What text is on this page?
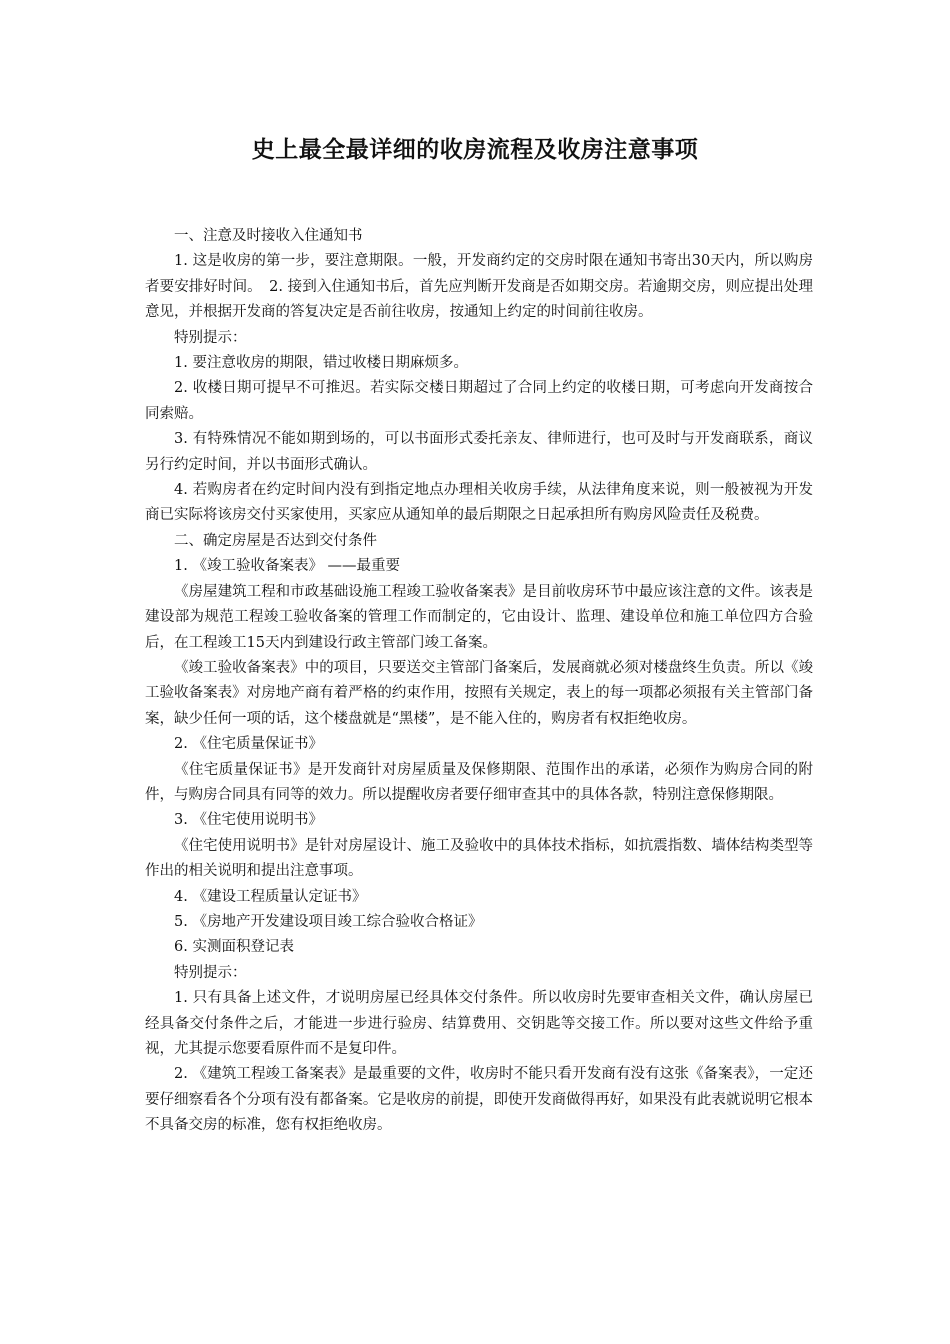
史上最全最详细的收房流程及收房注意事项

一、注意及时接收入住通知书

1. 这是收房的第一步，要注意期限。一般，开发商约定的交房时限在通知书寄出30天内，所以购房者要安排好时间。　2. 接到入住通知书后，首先应判断开发商是否如期交房。若逾期交房，则应提出处理意见，并根据开发商的答复决定是否前往收房，按通知上约定的时间前往收房。

特别提示：

1. 要注意收房的期限，错过收楼日期麻烦多。

2. 收楼日期可提早不可推迟。若实际交楼日期超过了合同上约定的收楼日期，可考虑向开发商按合同索赔。

3. 有特殊情况不能如期到场的，可以书面形式委托亲友、律师进行，也可及时与开发商联系，商议另行约定时间，并以书面形式确认。

4. 若购房者在约定时间内没有到指定地点办理相关收房手续，从法律角度来说，则一般被视为开发商已实际将该房交付买家使用，买家应从通知单的最后期限之日起承担所有购房风险责任及税费。

二、确定房屋是否达到交付条件

1. 《竣工验收备案表》 ——最重要

《房屋建筑工程和市政基础设施工程竣工验收备案表》是目前收房环节中最应该注意的文件。该表是建设部为规范工程竣工验收备案的管理工作而制定的，它由设计、监理、建设单位和施工单位四方合验后，在工程竣工15天内到建设行政主管部门竣工备案。

《竣工验收备案表》中的项目，只要送交主管部门备案后，发展商就必须对楼盘终生负责。所以《竣工验收备案表》对房地产商有着严格的约束作用，按照有关规定，表上的每一项都必须报有关主管部门备案，缺少任何一项的话，这个楼盘就是“黑楼”，是不能入住的，购房者有权拒绝收房。

2. 《住宅质量保证书》

《住宅质量保证书》是开发商针对房屋质量及保修期限、范围作出的承诺，必须作为购房合同的附件，与购房合同具有同等的效力。所以提醒收房者要仔细审查其中的具体各款，特别注意保修期限。

3. 《住宅使用说明书》

《住宅使用说明书》是针对房屋设计、施工及验收中的具体技术指标，如抗震指数、墙体结构类型等作出的相关说明和提出注意事项。

4. 《建设工程质量认定证书》

5. 《房地产开发建设项目竣工综合验收合格证》

6. 实测面积登记表

特别提示：

1. 只有具备上述文件，才说明房屋已经具体交付条件。所以收房时先要审查相关文件，确认房屋已经具备交付条件之后，才能进一步进行验房、结算费用、交钥匙等交接工作。所以要对这些文件给予重视，尤其提示您要看原件而不是复印件。

2. 《建筑工程竣工备案表》是最重要的文件，收房时不能只看开发商有没有这张《备案表》，一定还要仔细察看各个分项有没有都备案。它是收房的前提，即使开发商做得再好，如果没有此表就说明它根本不具备交房的标准，您有权拒绝收房。
